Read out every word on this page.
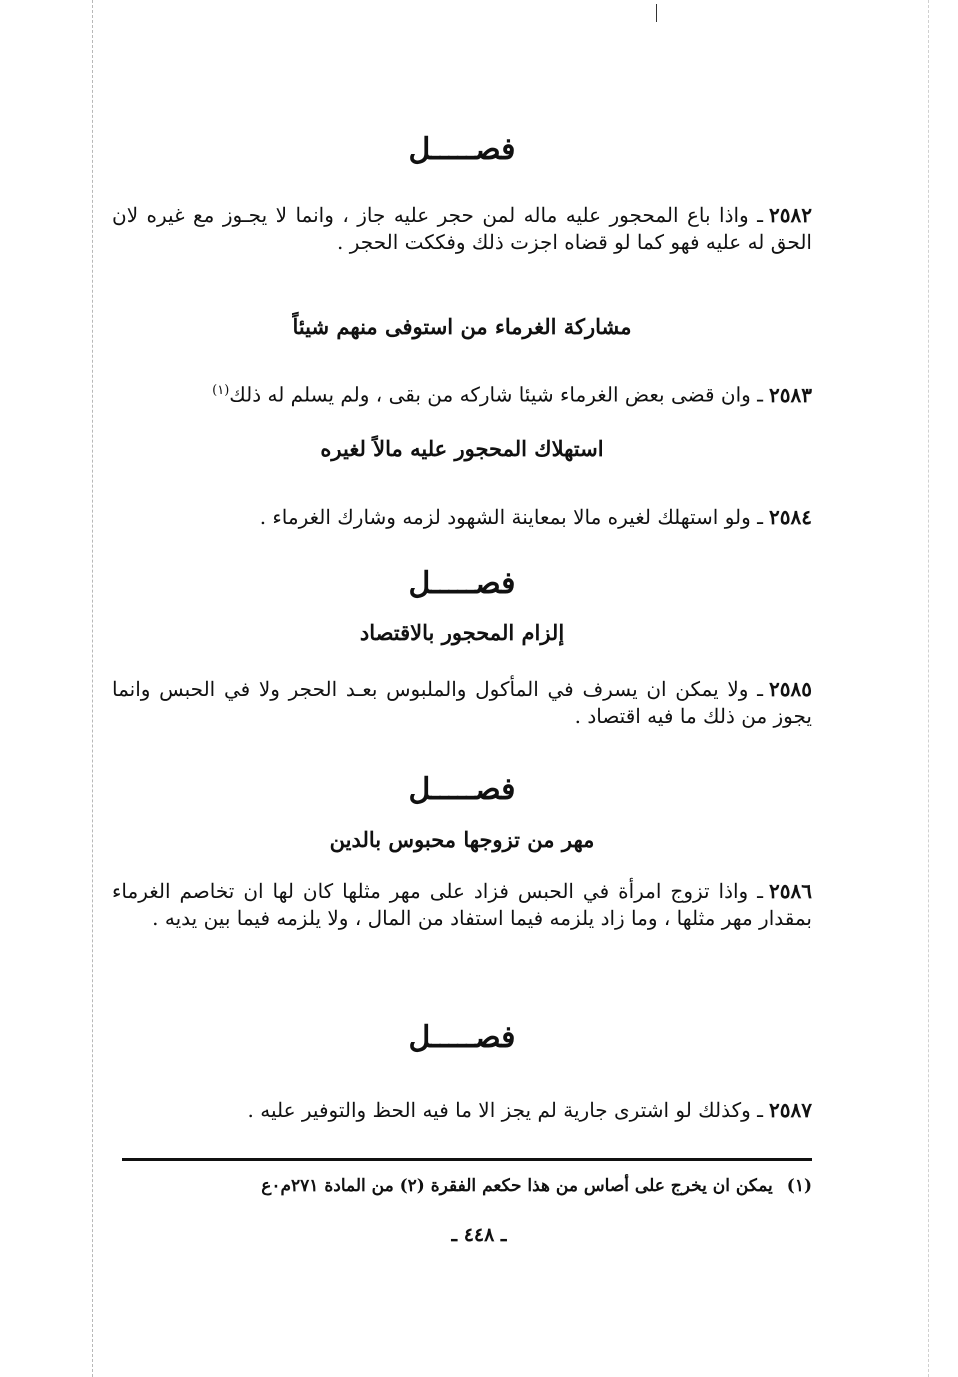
فصـــــل
٢٥٨٢ـ واذا باع المحجور عليه ماله لمن حجر عليه جاز ، وانما لا يجـوز مع غيره لان الحق له عليه فهو كما لو قضاه اجزت ذلك وفككت الحجر .
مشاركة الغرماء من استوفى منهم شيئاً
٢٥٨٣ـ وان قضى بعض الغرماء شيئا شاركه من بقى ، ولم يسلم له ذلك$^{(١)}$
استهلاك المحجور عليه مالاً لغيره
٢٥٨٤ـ ولو استهلك لغيره مالا بمعاينة الشهود لزمه وشارك الغرماء .
فصـــــل
إلزام المحجور بالاقتصاد
٢٥٨٥ـ ولا يمكن ان يسرف في المأكول والملبوس بعـد الحجر ولا في الحبس وانما يجوز من ذلك ما فيه اقتصاد .
فصـــــل
مهر من تزوجها محبوس بالدين
٢٥٨٦ـ واذا تزوج امرأة في الحبس فزاد على مهر مثلها كان لها ان تخاصم الغرماء بمقدار مهر مثلها ، وما زاد يلزمه فيما استفاد من المال ، ولا يلزمه فيما بين يديه .
فصـــــل
٢٥٨٧ـ وكذلك لو اشترى جارية لم يجز الا ما فيه الحظ والتوفير عليه .
(١)يمكن ان يخرج على أصاس من هذا حكعم الفقرة (٢) من المادة ٢٧١م٠ع
ـ ٤٤٨ ـ
